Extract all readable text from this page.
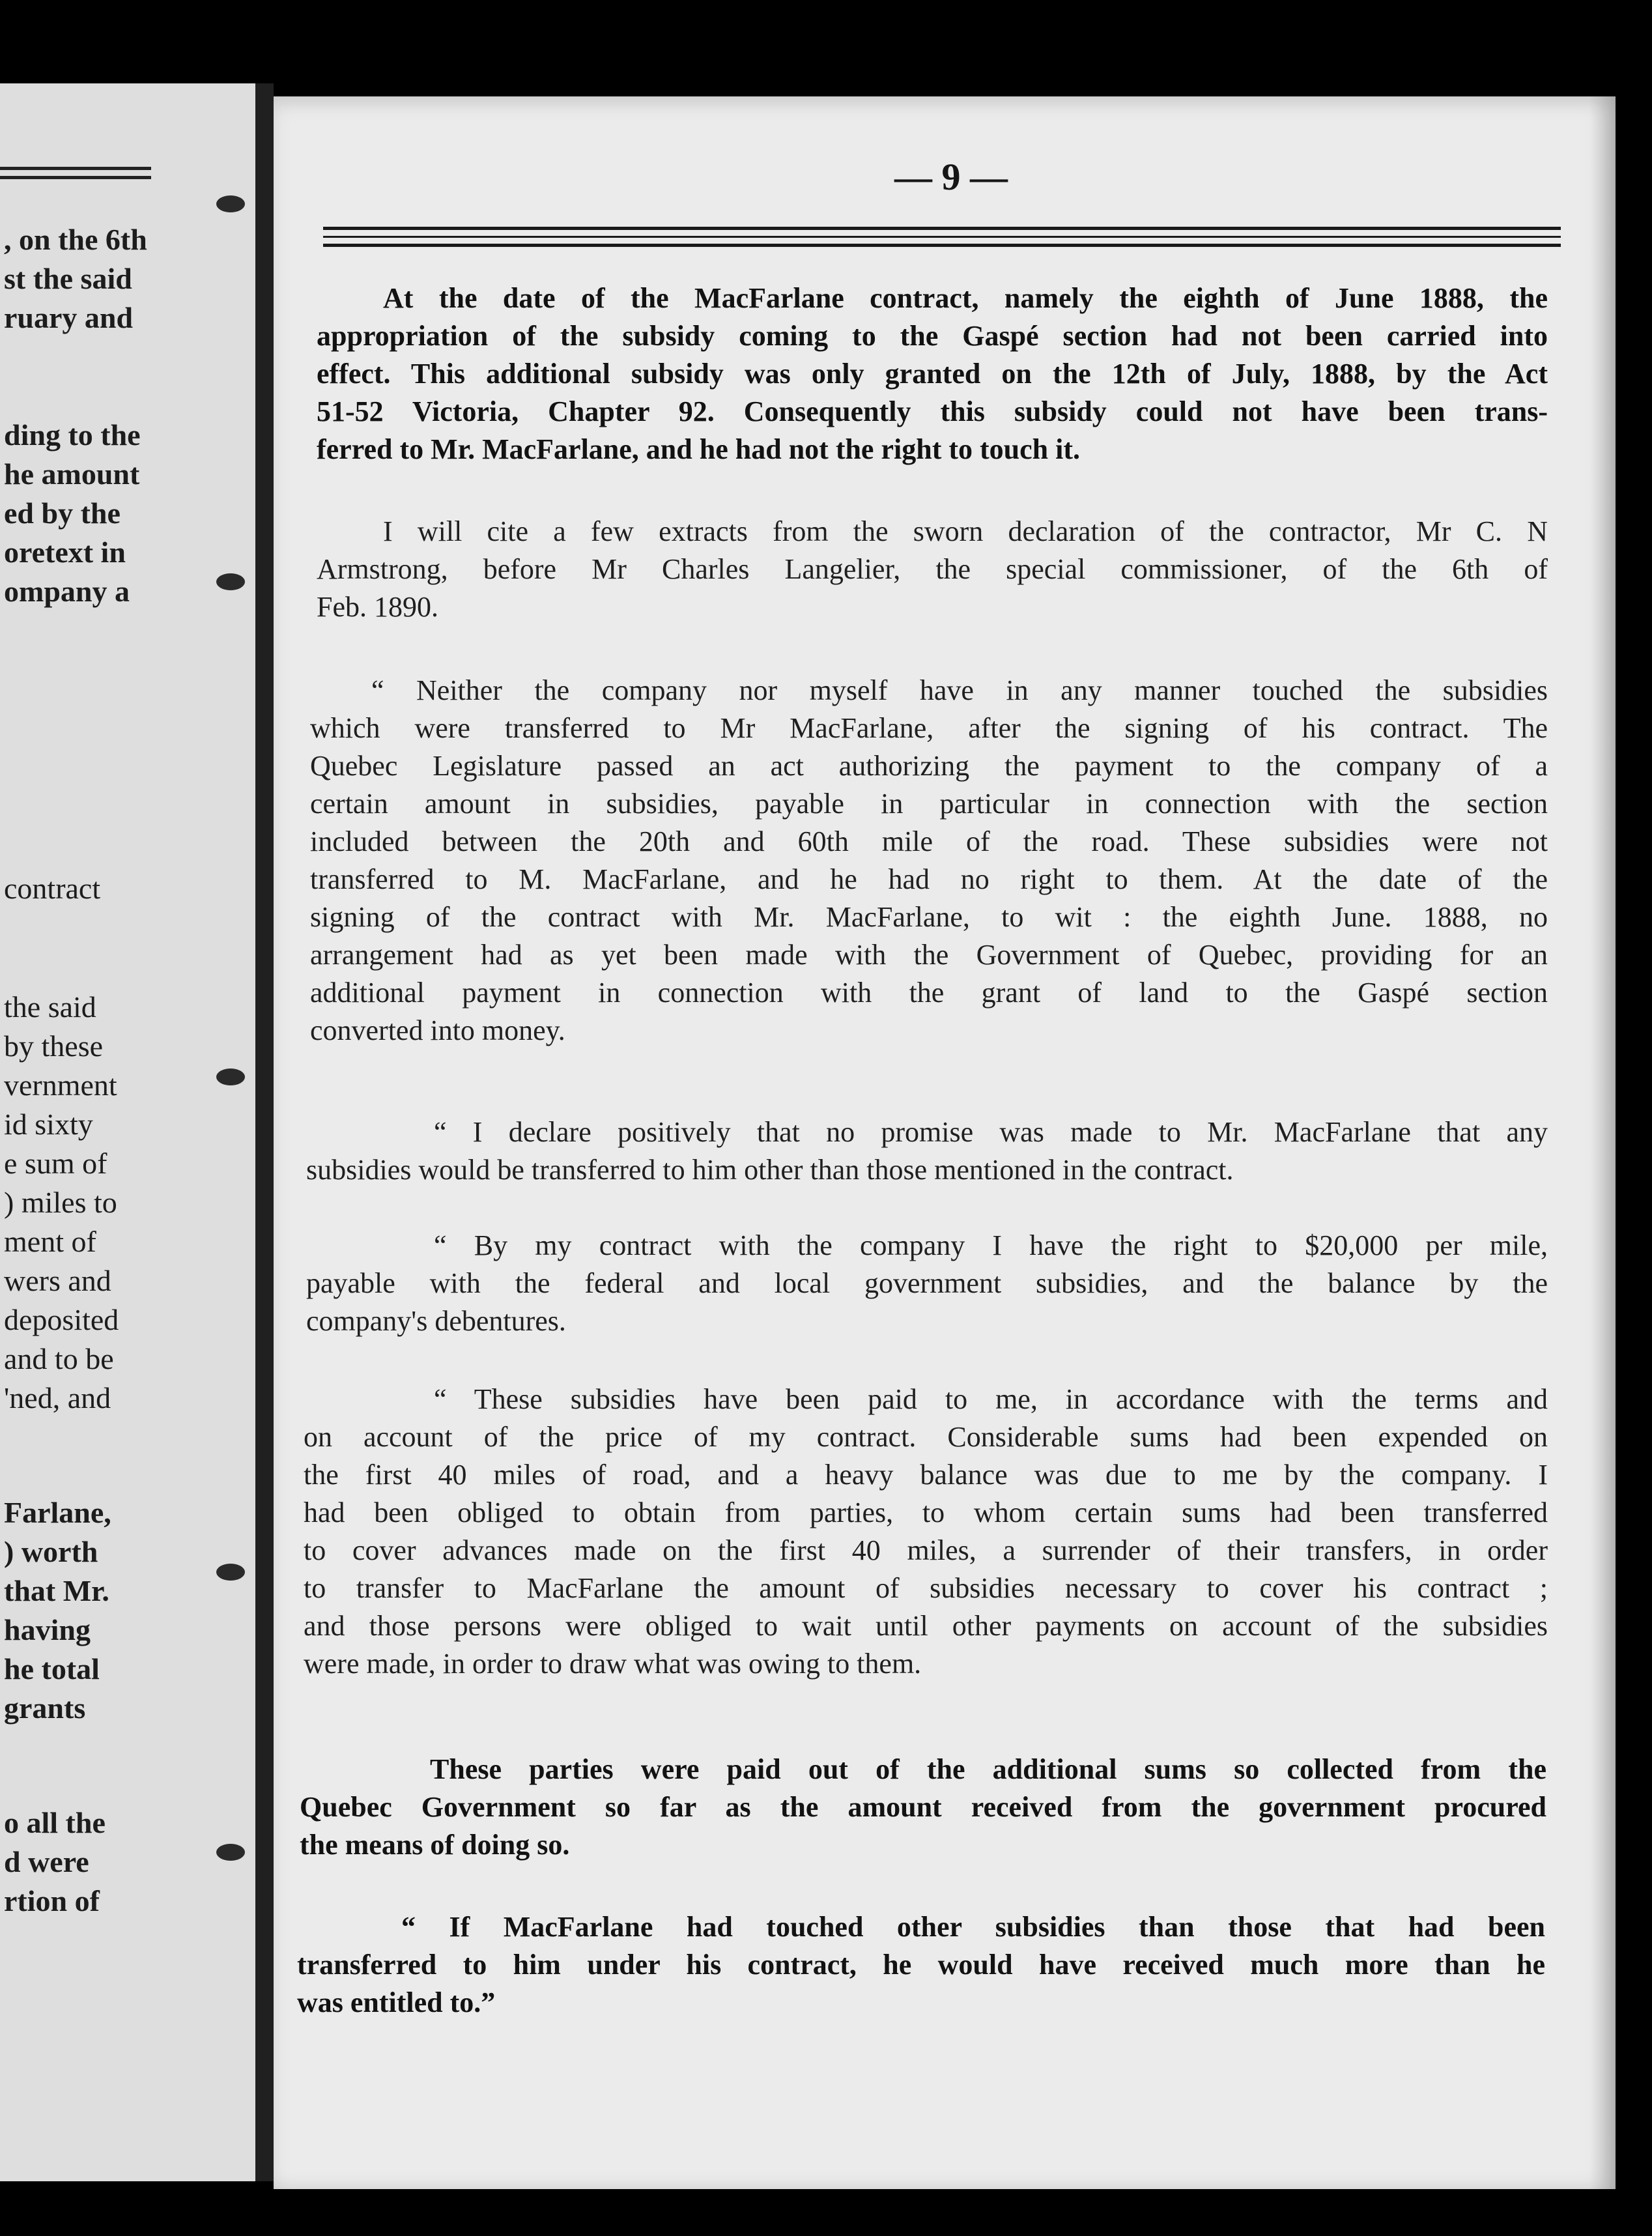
, on the 6th
st the said
ruary and
ding to the
he amount
ed by the
oretext in
ompany a
contract
the said
by these
vernment
id sixty
e sum of
) miles to
ment of
wers and
deposited
and to be
'ned, and
Farlane,
) worth
that Mr.
having
he total
grants
o all the
d were
rtion of
— 9 —
At the date of the MacFarlane contract, namely the eighth of June 1888, the
appropriation of the subsidy coming to the Gaspé section had not been carried into
effect. This additional subsidy was only granted on the 12th of July, 1888, by the Act
51-52 Victoria, Chapter 92. Consequently this subsidy could not have been trans-
ferred to Mr. MacFarlane, and he had not the right to touch it.
I will cite a few extracts from the sworn declaration of the contractor, Mr C. N
Armstrong, before Mr Charles Langelier, the special commissioner, of the 6th of
Feb. 1890.
“ Neither the company nor myself have in any manner touched the subsidies
which were transferred to Mr MacFarlane, after the signing of his contract. The
Quebec Legislature passed an act authorizing the payment to the company of a
certain amount in subsidies, payable in particular in connection with the section
included between the 20th and 60th mile of the road. These subsidies were not
transferred to M. MacFarlane, and he had no right to them. At the date of the
signing of the contract with Mr. MacFarlane, to wit : the eighth June. 1888, no
arrangement had as yet been made with the Government of Quebec, providing for an
additional payment in connection with the grant of land to the Gaspé section
converted into money.
“ I declare positively that no promise was made to Mr. MacFarlane that any
subsidies would be transferred to him other than those mentioned in the contract.
“ By my contract with the company I have the right to $20,000 per mile,
payable with the federal and local government subsidies, and the balance by the
company's debentures.
“ These subsidies have been paid to me, in accordance with the terms and
on account of the price of my contract. Considerable sums had been expended on
the first 40 miles of road, and a heavy balance was due to me by the company. I
had been obliged to obtain from parties, to whom certain sums had been transferred
to cover advances made on the first 40 miles, a surrender of their transfers, in order
to transfer to MacFarlane the amount of subsidies necessary to cover his contract ;
and those persons were obliged to wait until other payments on account of the subsidies
were made, in order to draw what was owing to them.
These parties were paid out of the additional sums so collected from the
Quebec Government so far as the amount received from the government procured
the means of doing so.
“ If MacFarlane had touched other subsidies than those that had been
transferred to him under his contract, he would have received much more than he
was entitled to.”
